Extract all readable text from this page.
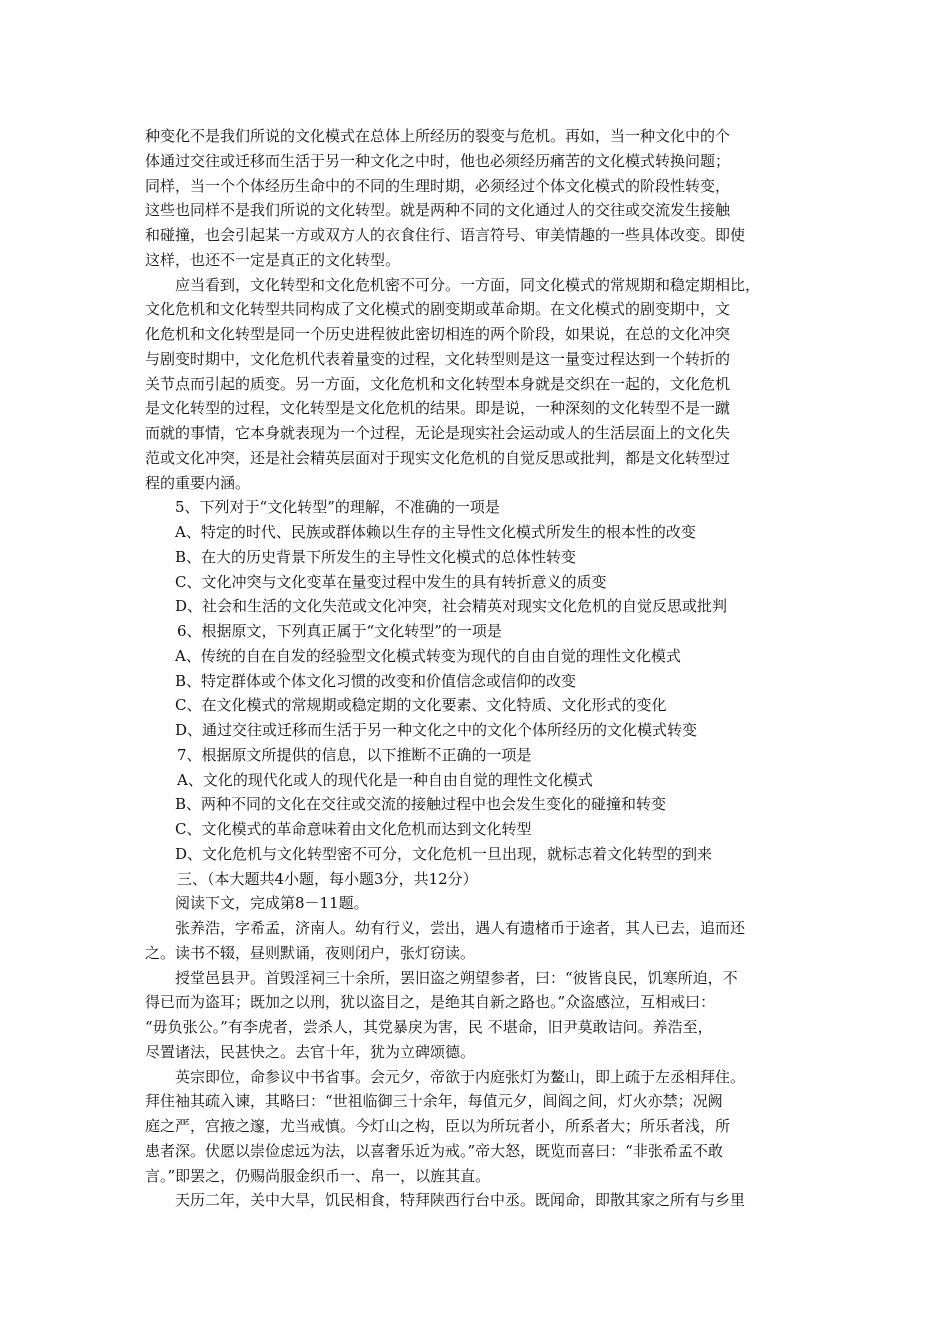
种变化不是我们所说的文化模式在总体上所经历的裂变与危机。再如，当一种文化中的个
体通过交往或迁移而生活于另一种文化之中时，他也必须经历痛苦的文化模式转换问题；
同样，当一个个体经历生命中的不同的生理时期，必须经过个体文化模式的阶段性转变，
这些也同样不是我们所说的文化转型。就是两种不同的文化通过人的交往或交流发生接触
和碰撞，也会引起某一方或双方人的衣食住行、语言符号、审美情趣的一些具体改变。即使
这样，也还不一定是真正的文化转型。
应当看到，文化转型和文化危机密不可分。一方面，同文化模式的常规期和稳定期相比，
文化危机和文化转型共同构成了文化模式的剧变期或革命期。在文化模式的剧变期中，文
化危机和文化转型是同一个历史进程彼此密切相连的两个阶段，如果说，在总的文化冲突
与剧变时期中，文化危机代表着量变的过程，文化转型则是这一量变过程达到一个转折的
关节点而引起的质变。另一方面，文化危机和文化转型本身就是交织在一起的，文化危机
是文化转型的过程，文化转型是文化危机的结果。即是说，一种深刻的文化转型不是一蹴
而就的事情，它本身就表现为一个过程，无论是现实社会运动或人的生活层面上的文化失
范或文化冲突，还是社会精英层面对于现实文化危机的自觉反思或批判，都是文化转型过
程的重要内涵。
5、下列对于“文化转型”的理解，不准确的一项是
A、特定的时代、民族或群体赖以生存的主导性文化模式所发生的根本性的改变
B、在大的历史背景下所发生的主导性文化模式的总体性转变
C、文化冲突与文化变革在量变过程中发生的具有转折意义的质变
D、社会和生活的文化失范或文化冲突，社会精英对现实文化危机的自觉反思或批判
6、根据原文，下列真正属于“文化转型”的一项是
A、传统的自在自发的经验型文化模式转变为现代的自由自觉的理性文化模式
B、特定群体或个体文化习惯的改变和价值信念或信仰的改变
C、在文化模式的常规期或稳定期的文化要素、文化特质、文化形式的变化
D、通过交往或迁移而生活于另一种文化之中的文化个体所经历的文化模式转变
7、根据原文所提供的信息，以下推断不正确的一项是
A、文化的现代化或人的现代化是一种自由自觉的理性文化模式
B、两种不同的文化在交往或交流的接触过程中也会发生变化的碰撞和转变
C、文化模式的革命意味着由文化危机而达到文化转型
D、文化危机与文化转型密不可分，文化危机一旦出现，就标志着文化转型的到来
三、（本大题共4小题，每小题3分，共12分）
阅读下文，完成第8－11题。
张养浩，字希孟，济南人。幼有行义，尝出，遇人有遗楮币于途者，其人已去，追而还
之。读书不辍，昼则默诵，夜则闭户，张灯窃读。
授堂邑县尹。首毁淫祠三十余所，罢旧盗之朔望参者，曰：“彼皆良民，饥寒所迫，不
得已而为盗耳；既加之以刑，犹以盗目之，是绝其自新之路也。”众盗感泣，互相戒曰：
“毋负张公。”有李虎者，尝杀人，其党暴戾为害，民 不堪命，旧尹莫敢诘问。养浩至，
尽置诸法，民甚快之。去官十年，犹为立碑颂德。
英宗即位，命参议中书省事。会元夕，帝欲于内庭张灯为鳌山，即上疏于左丞相拜住。
拜住袖其疏入谏，其略曰：“世祖临御三十余年，每值元夕，闾阎之间，灯火亦禁；况阙
庭之严，宫掖之邃，尤当戒慎。今灯山之构，臣以为所玩者小，所系者大；所乐者浅，所
患者深。伏愿以崇俭虑远为法，以喜奢乐近为戒。”帝大怒，既览而喜曰：“非张希孟不敢
言。”即罢之，仍赐尚服金织币一、帛一，以旌其直。
天历二年，关中大旱，饥民相食，特拜陕西行台中丞。既闻命，即散其家之所有与乡里
